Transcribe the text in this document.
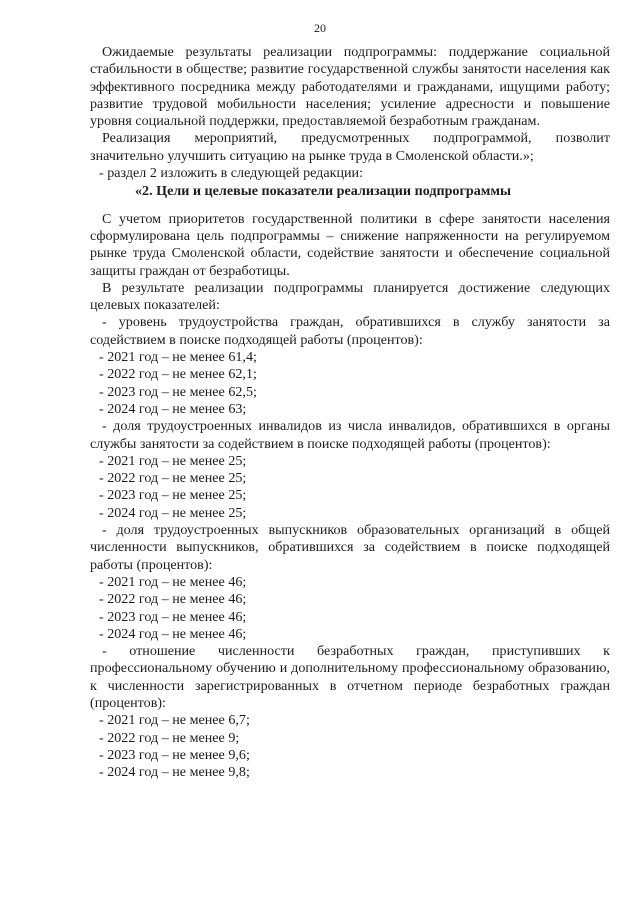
20

Ожидаемые результаты реализации подпрограммы: поддержание социальной стабильности в обществе; развитие государственной службы занятости населения как эффективного посредника между работодателями и гражданами, ищущими работу; развитие трудовой мобильности населения; усиление адресности и повышение уровня социальной поддержки, предоставляемой безработным гражданам.

Реализация мероприятий, предусмотренных подпрограммой, позволит

значительно улучшить ситуацию на рынке труда в Смоленской области.»;

- раздел 2 изложить в следующей редакции:

«2. Цели и целевые показатели реализации подпрограммы

С учетом приоритетов государственной политики в сфере занятости населения сформулирована цель подпрограммы – снижение напряженности на регулируемом рынке труда Смоленской области, содействие занятости и обеспечение социальной защиты граждан от безработицы.

В результате реализации подпрограммы планируется достижение следующих целевых показателей:

- уровень трудоустройства граждан, обратившихся в службу занятости за содействием в поиске подходящей работы (процентов):

- 2021 год – не менее 61,4;

- 2022 год – не менее 62,1;

- 2023 год – не менее 62,5;

- 2024 год – не менее 63;

- доля трудоустроенных инвалидов из числа инвалидов, обратившихся в органы службы занятости за содействием в поиске подходящей работы (процентов):

- 2021 год – не менее 25;

- 2022 год – не менее 25;

- 2023 год – не менее 25;

- 2024 год – не менее 25;

- доля трудоустроенных выпускников образовательных организаций в общей численности выпускников, обратившихся за содействием в поиске подходящей работы (процентов):

- 2021 год – не менее 46;

- 2022 год – не менее 46;

- 2023 год – не менее 46;

- 2024 год – не менее 46;

- отношение численности безработных граждан, приступивших к профессиональному обучению и дополнительному профессиональному образованию, к численности зарегистрированных в отчетном периоде безработных граждан (процентов):

- 2021 год – не менее 6,7;

- 2022 год – не менее 9;

- 2023 год – не менее 9,6;

- 2024 год – не менее 9,8;
